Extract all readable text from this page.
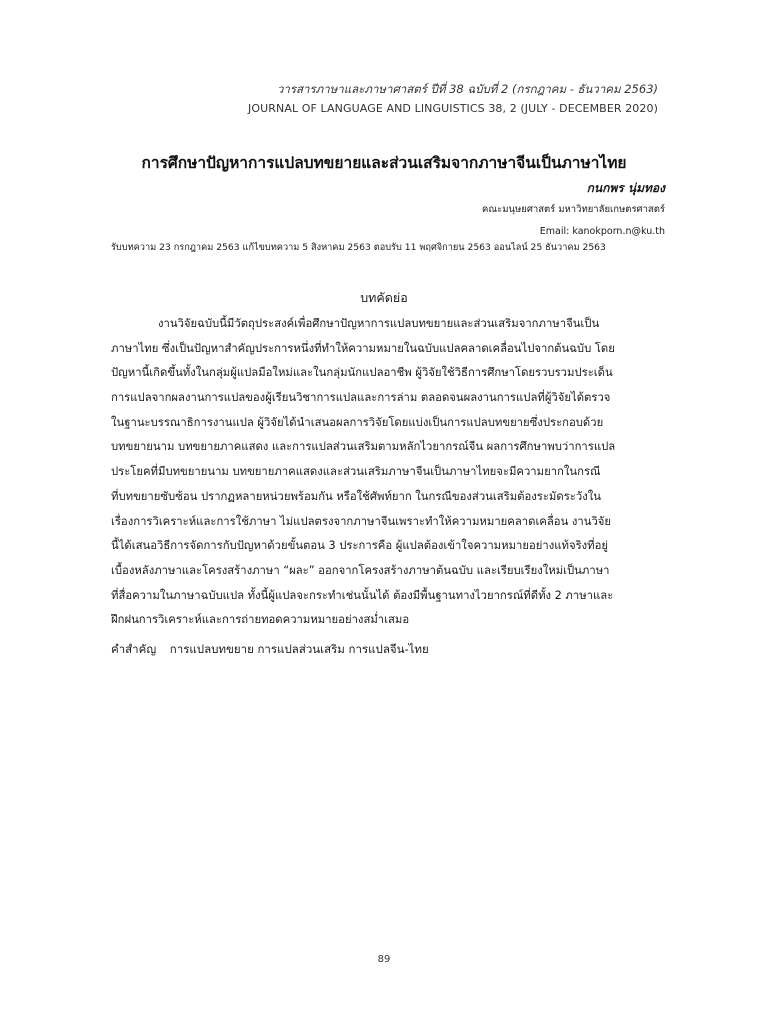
วารสารภาษาและภาษาศาสตร์ ปีที่ 38 ฉบับที่ 2 (กรกฎาคม - ธันวาคม 2563)
JOURNAL OF LANGUAGE AND LINGUISTICS 38, 2 (JULY - DECEMBER 2020)
การศึกษาปัญหาการแปลบทขยายและส่วนเสริมจากภาษาจีนเป็นภาษาไทย
กนกพร นุ่มทอง
คณะมนุษยศาสตร์ มหาวิทยาลัยเกษตรศาสตร์
Email: kanokporn.n@ku.th
รับบทความ 23 กรกฎาคม 2563 แก้ไขบทความ 5 สิงหาคม 2563 ตอบรับ 11 พฤศจิกายน 2563 ออนไลน์ 25 ธันวาคม 2563
บทคัดย่อ
งานวิจัยฉบับนี้มีวัตถุประสงค์เพื่อศึกษาปัญหาการแปลบทขยายและส่วนเสริมจากภาษาจีนเป็น
ภาษาไทย ซึ่งเป็นปัญหาสำคัญประการหนึ่งที่ทำให้ความหมายในฉบับแปลคลาดเคลื่อนไปจากต้นฉบับ โดย
ปัญหานี้เกิดขึ้นทั้งในกลุ่มผู้แปลมือใหม่และในกลุ่มนักแปลอาชีพ ผู้วิจัยใช้วิธีการศึกษาโดยรวบรวมประเด็น
การแปลจากผลงานการแปลของผู้เรียนวิชาการแปลและการล่าม ตลอดจนผลงานการแปลที่ผู้วิจัยได้ตรวจ
ในฐานะบรรณาธิการงานแปล ผู้วิจัยได้นำเสนอผลการวิจัยโดยแบ่งเป็นการแปลบทขยายซึ่งประกอบด้วย
บทขยายนาม บทขยายภาคแสดง และการแปลส่วนเสริมตามหลักไวยากรณ์จีน ผลการศึกษาพบว่าการแปล
ประโยคที่มีบทขยายนาม บทขยายภาคแสดงและส่วนเสริมภาษาจีนเป็นภาษาไทยจะมีความยากในกรณี
ที่บทขยายซับซ้อน ปรากฏหลายหน่วยพร้อมกัน หรือใช้ศัพท์ยาก ในกรณีของส่วนเสริมต้องระมัดระวังใน
เรื่องการวิเคราะห์และการใช้ภาษา ไม่แปลตรงจากภาษาจีนเพราะทำให้ความหมายคลาดเคลื่อน งานวิจัย
นี้ได้เสนอวิธีการจัดการกับปัญหาด้วยขั้นตอน 3 ประการคือ ผู้แปลต้องเข้าใจความหมายอย่างแท้จริงที่อยู่
เบื้องหลังภาษาและโครงสร้างภาษา “ผละ” ออกจากโครงสร้างภาษาต้นฉบับ และเรียบเรียงใหม่เป็นภาษา
ที่สื่อความในภาษาฉบับแปล ทั้งนี้ผู้แปลจะกระทำเช่นนั้นได้ ต้องมีพื้นฐานทางไวยากรณ์ที่ดีทั้ง 2 ภาษาและ
ฝึกฝนการวิเคราะห์และการถ่ายทอดความหมายอย่างสม่ำเสมอ
คำสำคัญ การแปลบทขยาย การแปลส่วนเสริม การแปลจีน-ไทย
89
